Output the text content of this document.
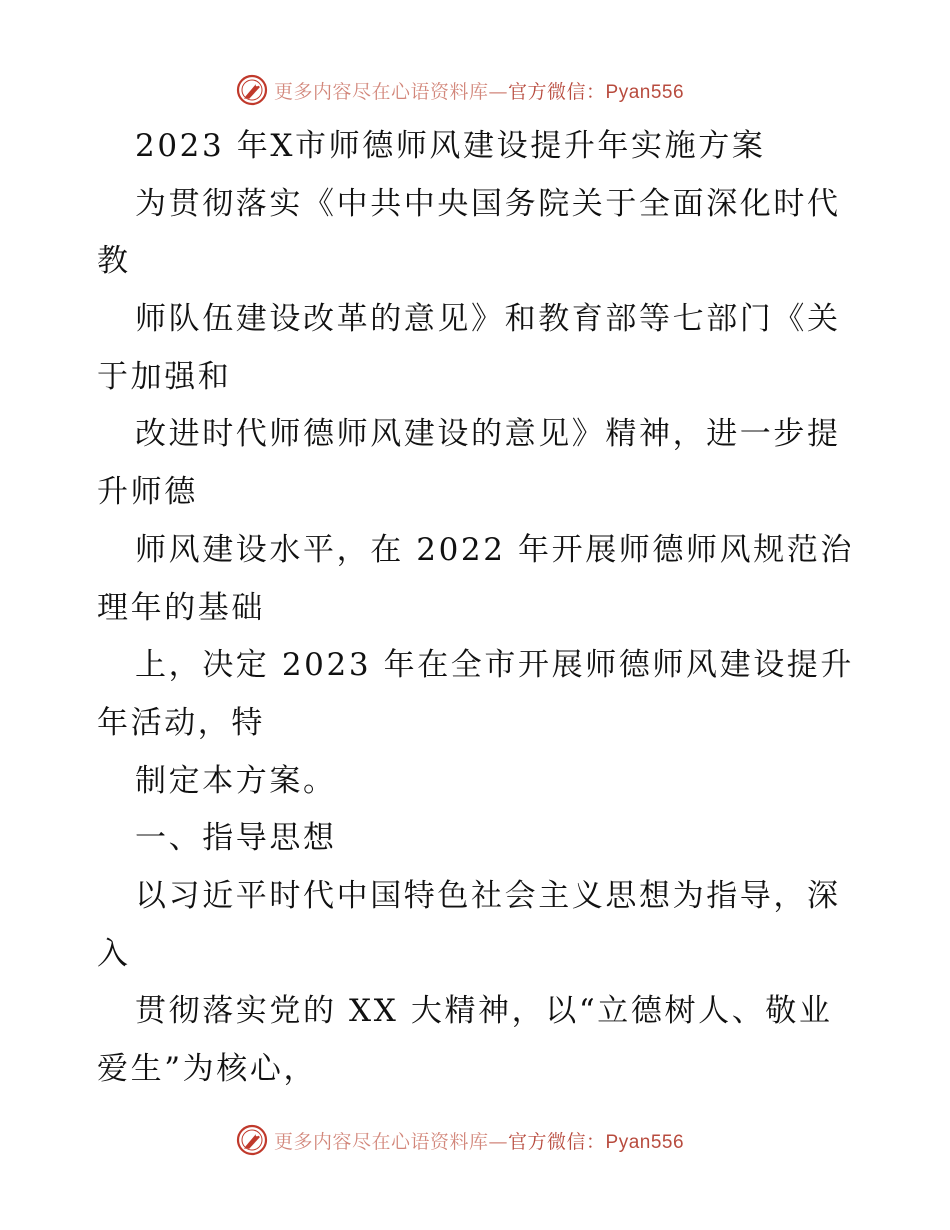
更多内容尽在心语资料库— 官方微信：Pyan556
2023 年X市师德师风建设提升年实施方案
为贯彻落实《中共中央国务院关于全面深化时代
教
师队伍建设改革的意见》和教育部等七部门《关
于加强和
改进时代师德师风建设的意见》精神，进一步提
升师德
师风建设水平，在 2022 年开展师德师风规范治
理年的基础
上，决定 2023 年在全市开展师德师风建设提升
年活动，特
制定本方案。
一、指导思想
以习近平时代中国特色社会主义思想为指导，深
入
贯彻落实党的 XX 大精神，以“立德树人、敬业
爱生”为核心，
更多内容尽在心语资料库— 官方微信：Pyan556
